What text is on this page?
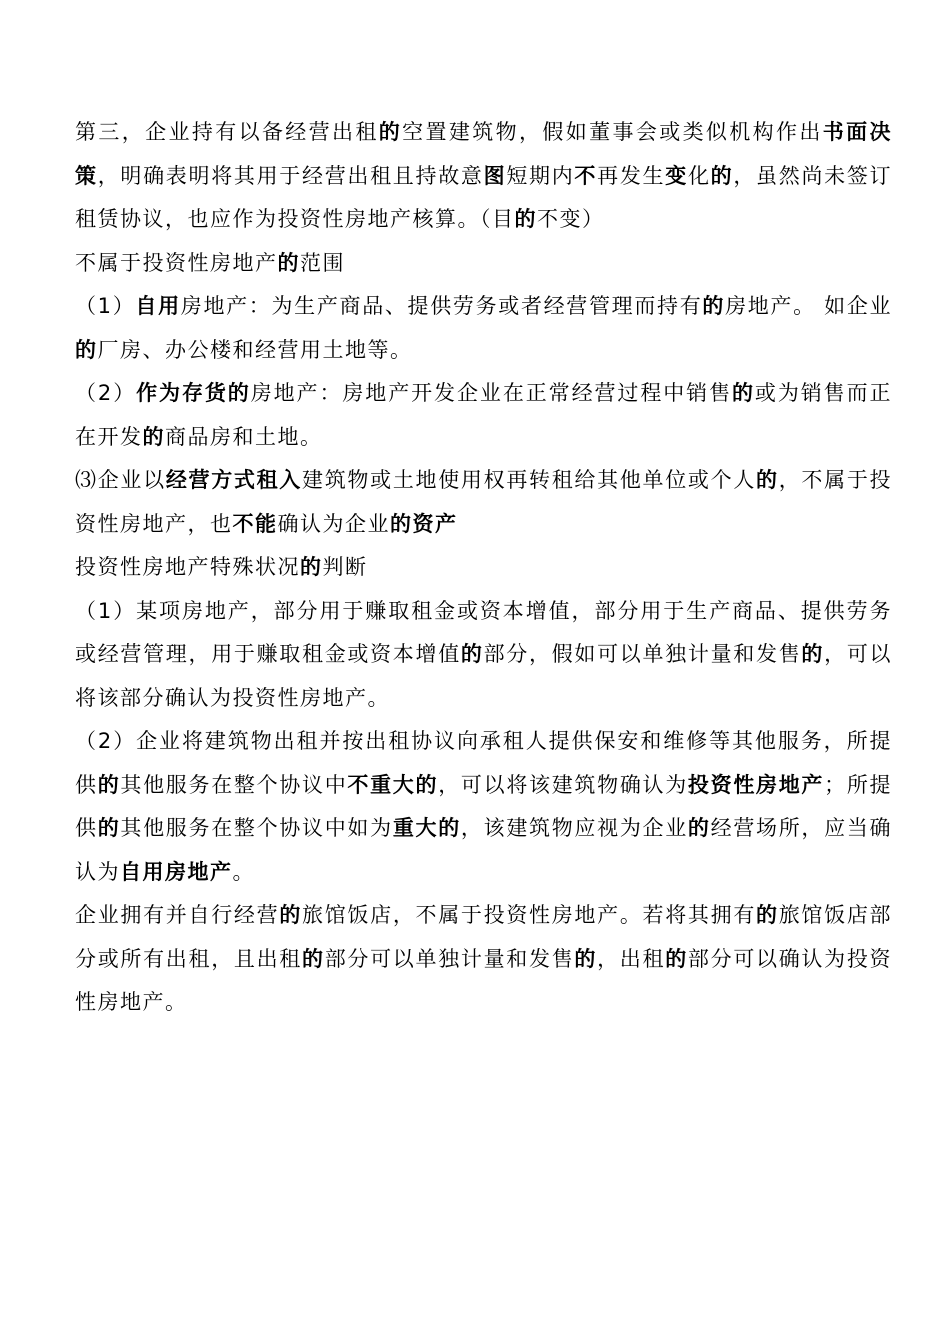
第三，企业持有以备经营出租的空置建筑物，假如董事会或类似机构作出书面决策，明确表明将其用于经营出租且持故意图短期内不再发生变化的，虽然尚未签订租赁协议，也应作为投资性房地产核算。（目的不变）

不属于投资性房地产的范围

（1）自用房地产：为生产商品、提供劳务或者经营管理而持有的房地产。 如企业的厂房、办公楼和经营用土地等。

（2）作为存货的房地产：房地产开发企业在正常经营过程中销售的或为销售而正在开发的商品房和土地。

⑶企业以经营方式租入建筑物或土地使用权再转租给其他单位或个人的，不属于投资性房地产，也不能确认为企业的资产

投资性房地产特殊状况的判断

（1）某项房地产，部分用于赚取租金或资本增值，部分用于生产商品、提供劳务或经营管理，用于赚取租金或资本增值的部分，假如可以单独计量和发售的，可以将该部分确认为投资性房地产。

（2）企业将建筑物出租并按出租协议向承租人提供保安和维修等其他服务，所提供的其他服务在整个协议中不重大的，可以将该建筑物确认为投资性房地产；所提供的其他服务在整个协议中如为重大的，该建筑物应视为企业的经营场所，应当确认为自用房地产。

企业拥有并自行经营的旅馆饭店，不属于投资性房地产。若将其拥有的旅馆饭店部分或所有出租，且出租的部分可以单独计量和发售的，出租的部分可以确认为投资性房地产。
